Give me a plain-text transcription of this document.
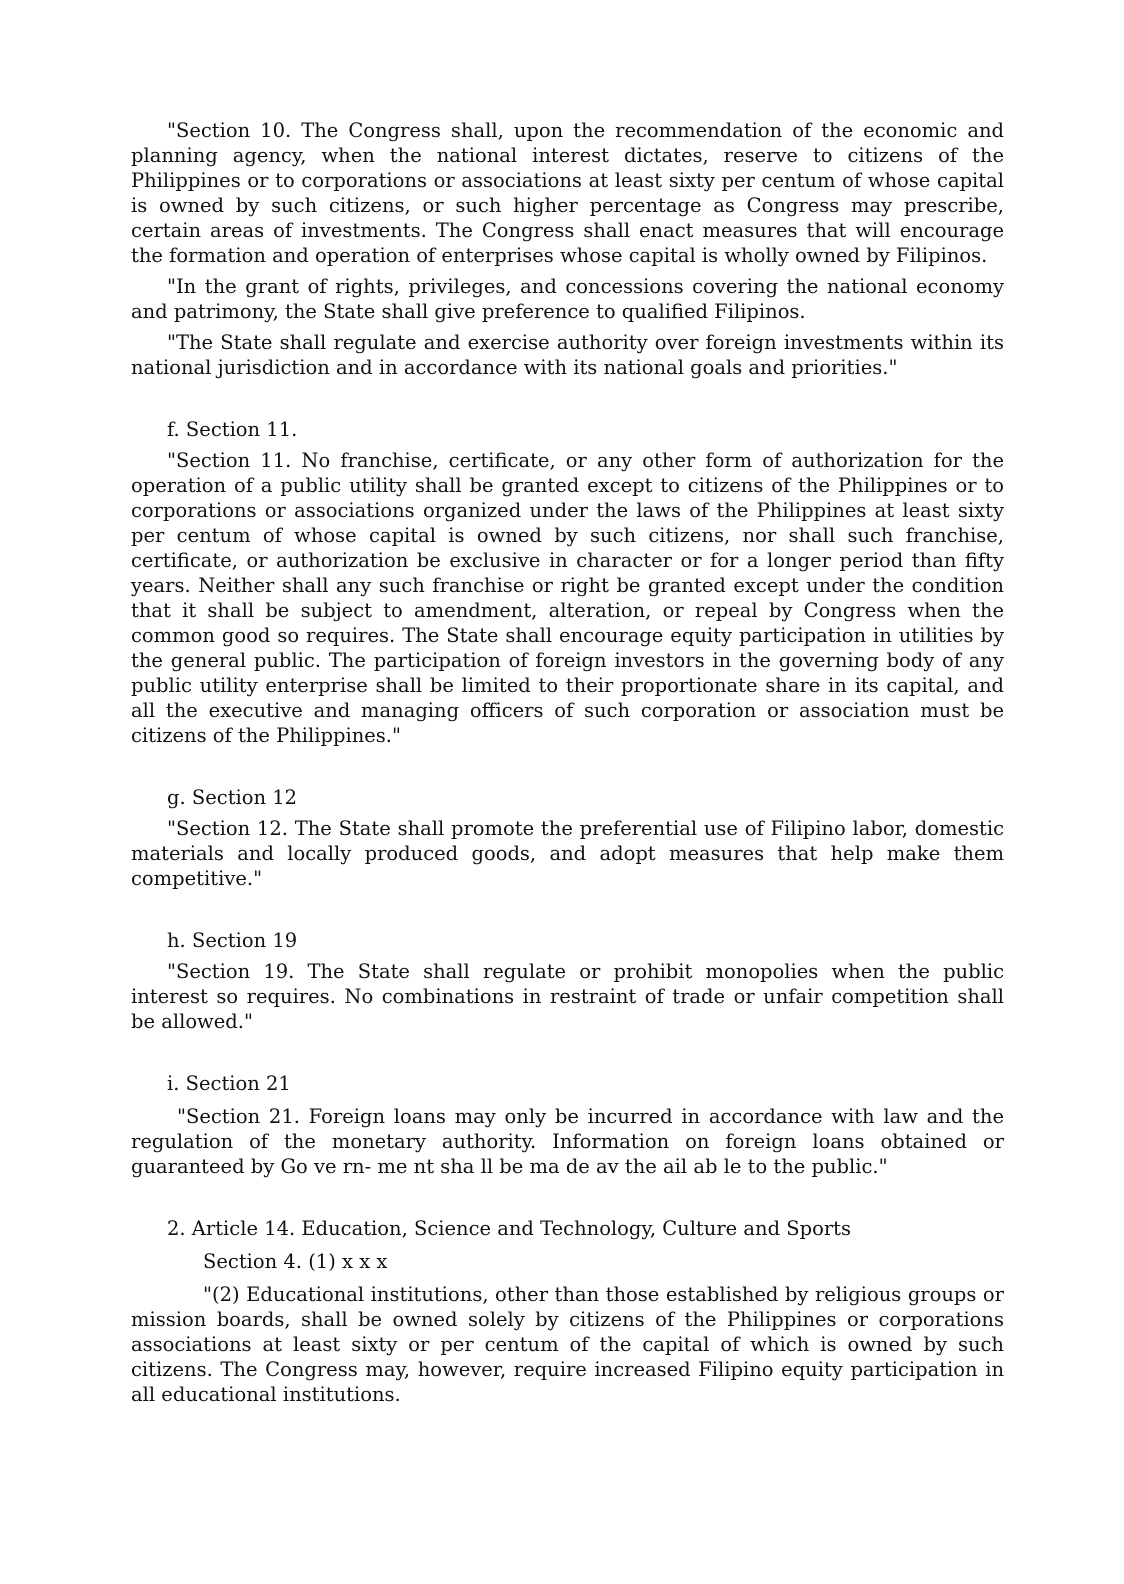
"Section 10. The Congress shall, upon the recommendation of the economic and planning agency, when the national interest dictates, reserve to citizens of the Philippines or to corporations or associations at least sixty per centum of whose capital is owned by such citizens, or such higher percentage as Congress may prescribe, certain areas of investments. The Congress shall enact measures that will encourage the formation and operation of enterprises whose capital is wholly owned by Filipinos.

"In the grant of rights, privileges, and concessions covering the national economy and patrimony, the State shall give preference to qualified Filipinos.

"The State shall regulate and exercise authority over foreign investments within its national jurisdiction and in accordance with its national goals and priorities."

f. Section 11.

"Section 11. No franchise, certificate, or any other form of authorization for the operation of a public utility shall be granted except to citizens of the Philippines or to corporations or associations organized under the laws of the Philippines at least sixty per centum of whose capital is owned by such citizens, nor shall such franchise, certificate, or authorization be exclusive in character or for a longer period than fifty years. Neither shall any such franchise or right be granted except under the condition that it shall be subject to amendment, alteration, or repeal by Congress when the common good so requires. The State shall encourage equity participation in utilities by the general public. The participation of foreign investors in the governing body of any public utility enterprise shall be limited to their proportionate share in its capital, and all the executive and managing officers of such corporation or association must be citizens of the Philippines."

g. Section 12

"Section 12. The State shall promote the preferential use of Filipino labor, domestic materials and locally produced goods, and adopt measures that help make them competitive."

h. Section 19

"Section 19. The State shall regulate or prohibit monopolies when the public interest so requires. No combinations in restraint of trade or unfair competition shall be allowed."

i. Section 21

"Section 21. Foreign loans may only be incurred in accordance with law and the regulation of the monetary authority. Information on foreign loans obtained or guaranteed by Go ve rn- me nt sha ll be ma de av the ail ab le to the public."

2. Article 14. Education, Science and Technology, Culture and Sports

Section 4. (1) x x x

"(2) Educational institutions, other than those established by religious groups or mission boards, shall be owned solely by citizens of the Philippines or corporations associations at least sixty or per centum of the capital of which is owned by such citizens. The Congress may, however, require increased Filipino equity participation in all educational institutions.
